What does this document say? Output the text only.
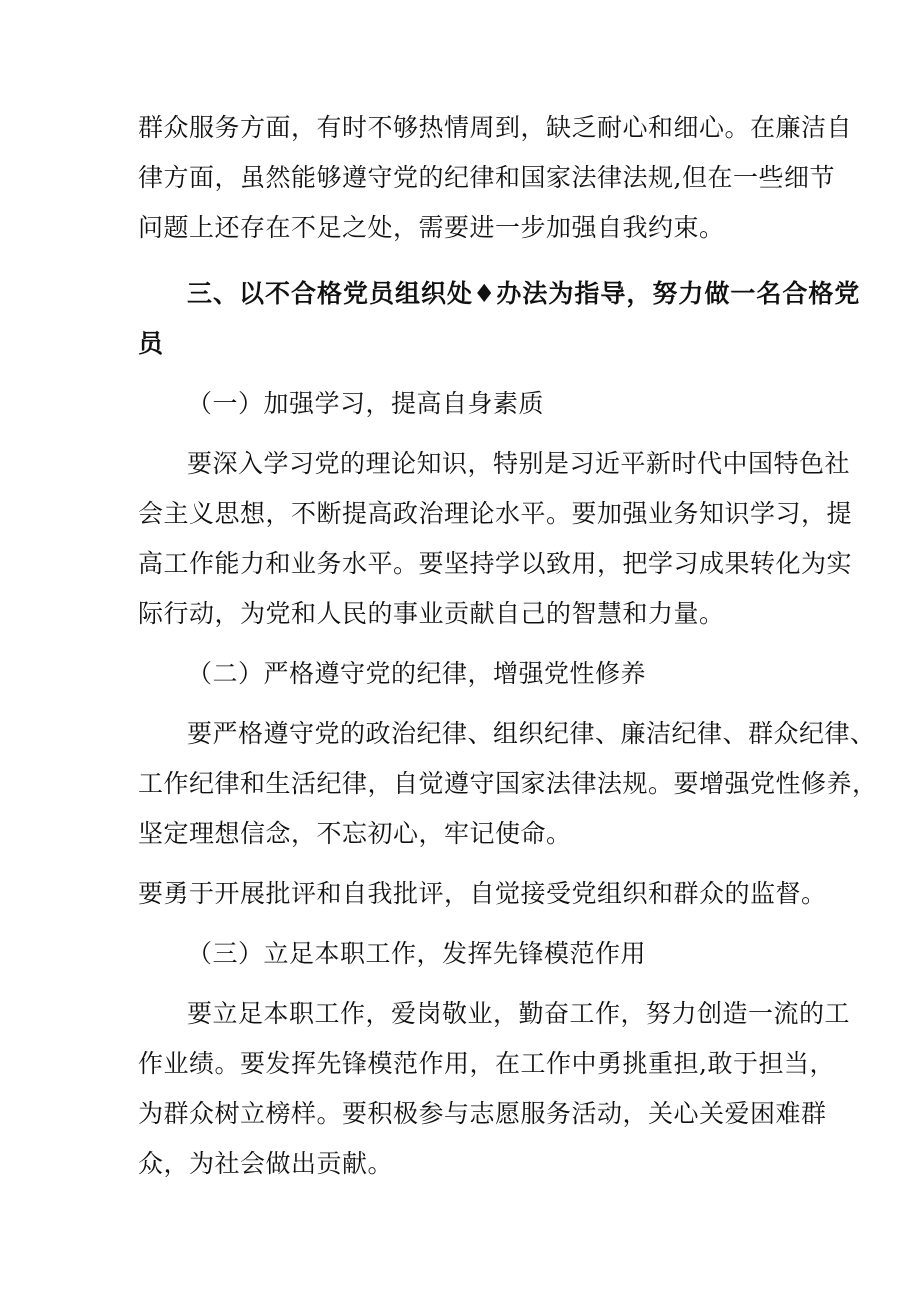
群众服务方面，有时不够热情周到，缺乏耐心和细心。在廉洁自
律方面，虽然能够遵守党的纪律和国家法律法规,但在一些细节
问题上还存在不足之处，需要进一步加强自我约束。
三、以不合格党员组织处♦办法为指导，努力做一名合格党
员
（一）加强学习，提高自身素质
要深入学习党的理论知识，特别是习近平新时代中国特色社
会主义思想，不断提高政治理论水平。要加强业务知识学习，提
高工作能力和业务水平。要坚持学以致用，把学习成果转化为实
际行动，为党和人民的事业贡献自己的智慧和力量。
（二）严格遵守党的纪律，增强党性修养
要严格遵守党的政治纪律、组织纪律、廉洁纪律、群众纪律、
工作纪律和生活纪律，自觉遵守国家法律法规。要增强党性修养，
坚定理想信念，不忘初心，牢记使命。
要勇于开展批评和自我批评，自觉接受党组织和群众的监督。
（三）立足本职工作，发挥先锋模范作用
要立足本职工作，爱岗敬业，勤奋工作，努力创造一流的工
作业绩。要发挥先锋模范作用，在工作中勇挑重担,敢于担当，
为群众树立榜样。要积极参与志愿服务活动，关心关爱困难群
众，为社会做出贡献。
